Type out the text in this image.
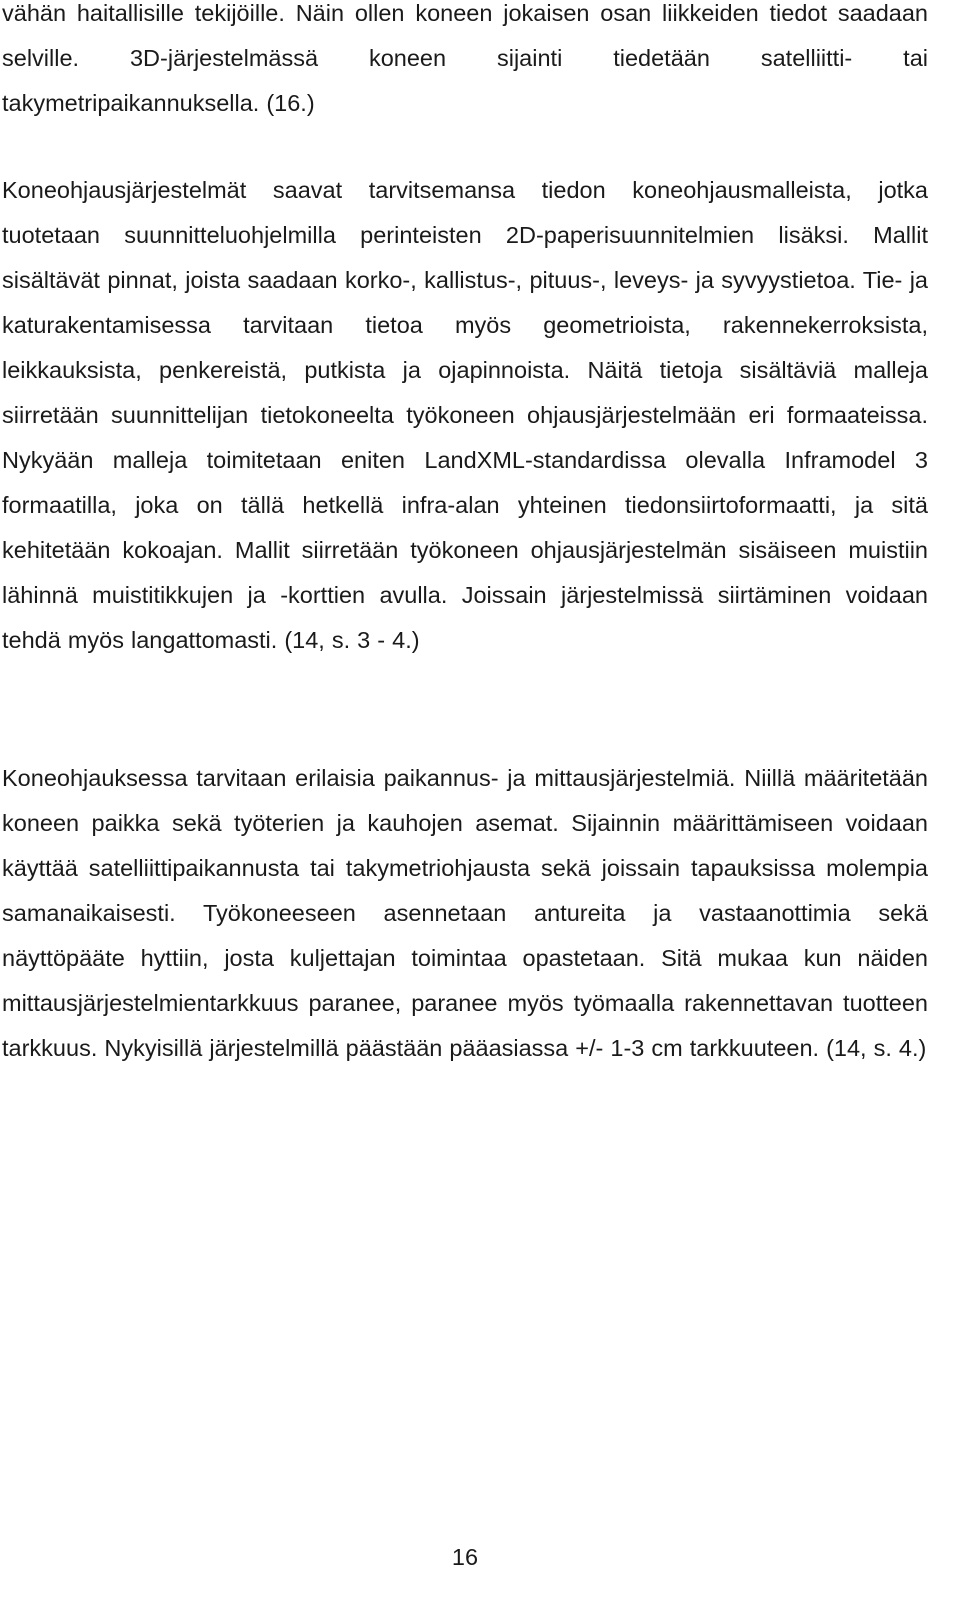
vähän haitallisille tekijöille. Näin ollen koneen jokaisen osan liikkeiden tiedot saadaan selville. 3D-järjestelmässä koneen sijainti tiedetään satelliitti- tai takymetripaikannuksella. (16.)

Koneohjausjärjestelmät saavat tarvitsemansa tiedon koneohjausmalleista, jotka tuotetaan suunnitteluohjelmilla perinteisten 2D-paperisuunnitelmien lisäksi. Mallit sisältävät pinnat, joista saadaan korko-, kallistus-, pituus-, leveys- ja syvyystietoa. Tie- ja katurakentamisessa tarvitaan tietoa myös geometrioista, rakennekerroksista, leikkauksista, penkereistä, putkista ja ojapinnoista. Näitä tietoja sisältäviä malleja siirretään suunnittelijan tietokoneelta työkoneen ohjausjärjestelmään eri formaateissa. Nykyään malleja toimitetaan eniten LandXML-standardissa olevalla Inframodel 3 formaatilla, joka on tällä hetkellä infra-alan yhteinen tiedonsiirtoformaatti, ja sitä kehitetään kokoajan. Mallit siirretään työkoneen ohjausjärjestelmän sisäiseen muistiin lähinnä muistitikkujen ja -korttien avulla. Joissain järjestelmissä siirtäminen voidaan tehdä myös langattomasti. (14, s. 3 - 4.)

Koneohjauksessa tarvitaan erilaisia paikannus- ja mittausjärjestelmiä. Niillä määritetään koneen paikka sekä työterien ja kauhojen asemat. Sijainnin määrittämiseen voidaan käyttää satelliittipaikannusta tai takymetriohjausta sekä joissain tapauksissa molempia samanaikaisesti. Työkoneeseen asennetaan antureita ja vastaanottimia sekä näyttöpääte hyttiin, josta kuljettajan toimintaa opastetaan. Sitä mukaa kun näiden mittausjärjestelmientarkkuus paranee, paranee myös työmaalla rakennettavan tuotteen tarkkuus. Nykyisillä järjestelmillä päästään pääasiassa +/- 1-3 cm tarkkuuteen. (14, s. 4.)

16
